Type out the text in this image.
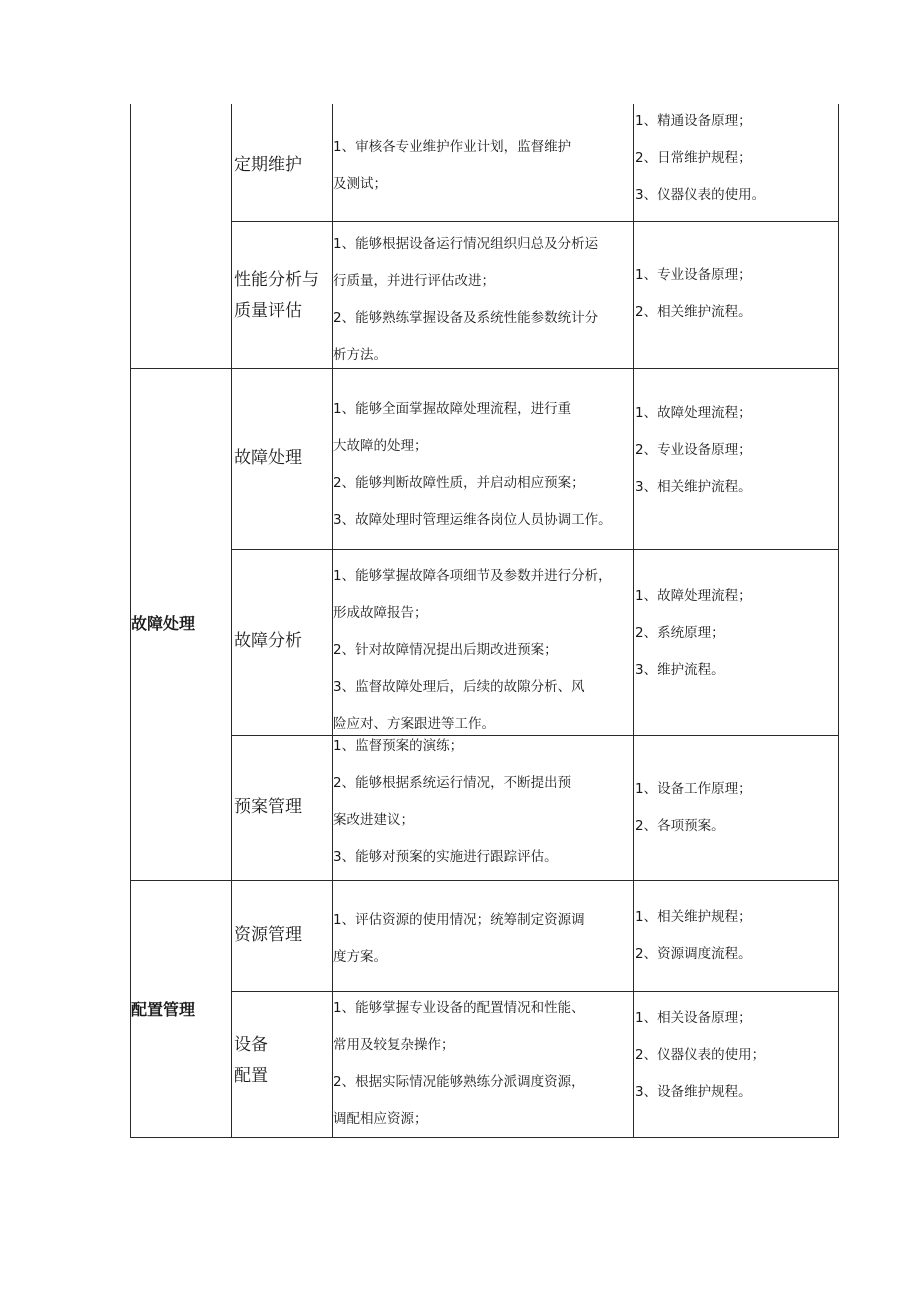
故障处理
配置管理
定期维护
1、审核各专业维护作业计划，监督维护
及测试；
1、精通设备原理；
2、日常维护规程；
3、仪器仪表的使用。
性能分析与
质量评估
1、能够根据设备运行情况组织归总及分析运
行质量，并进行评估改进；
2、能够熟练掌握设备及系统性能参数统计分
析方法。
1、专业设备原理；
2、相关维护流程。
故障处理
1、能够全面掌握故障处理流程，进行重
大故障的处理；
2、能够判断故障性质，并启动相应预案；
3、故障处理时管理运维各岗位人员协调工作。
1、故障处理流程；
2、专业设备原理；
3、相关维护流程。
故障分析
1、能够掌握故障各项细节及参数并进行分析，
形成故障报告；
2、针对故障情况提出后期改进预案；
3、监督故障处理后，后续的故隙分析、风
险应对、方案跟进等工作。
1、故障处理流程；
2、系统原理；
3、维护流程。
预案管理
1、监督预案的演练；
2、能够根据系统运行情况，不断提出预
案改进建议；
3、能够对预案的实施进行跟踪评估。
1、设备工作原理；
2、各项预案。
资源管理
1、评估资源的使用情况；统筹制定资源调
度方案。
1、相关维护规程；
2、资源调度流程。
设备
配置
1、能够掌握专业设备的配置情况和性能、
常用及较复杂操作；
2、根据实际情况能够熟练分派调度资源，
调配相应资源；
1、相关设备原理；
2、仪器仪表的使用；
3、设备维护规程。
